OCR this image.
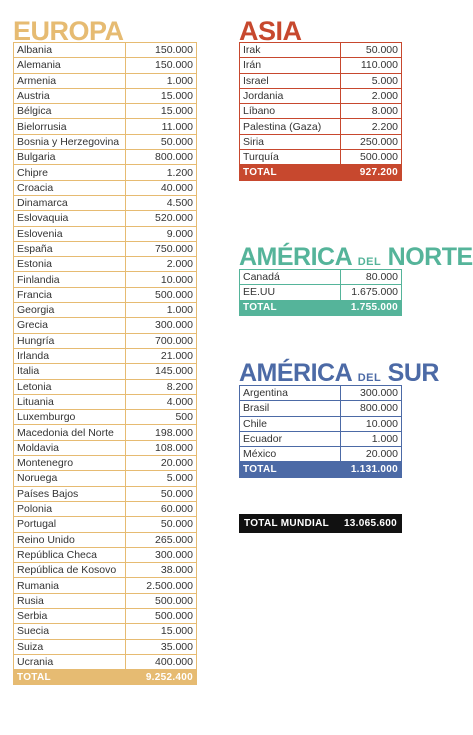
EUROPA
Albania	150.000
Alemania	150.000
Armenia	1.000
Austria	15.000
Bélgica	15.000
Bielorrusia	11.000
Bosnia y Herzegovina	50.000
Bulgaria	800.000
Chipre	1.200
Croacia	40.000
Dinamarca	4.500
Eslovaquia	520.000
Eslovenia	9.000
España	750.000
Estonia	2.000
Finlandia	10.000
Francia	500.000
Georgia	1.000
Grecia	300.000
Hungría	700.000
Irlanda	21.000
Italia	145.000
Letonia	8.200
Lituania	4.000
Luxemburgo	500
Macedonia del Norte	198.000
Moldavia	108.000
Montenegro	20.000
Noruega	5.000
Países Bajos	50.000
Polonia	60.000
Portugal	50.000
Reino Unido	265.000
República Checa	300.000
República de Kosovo	38.000
Rumania	2.500.000
Rusia	500.000
Serbia	500.000
Suecia	15.000
Suiza	35.000
Ucrania	400.000
TOTAL	9.252.400
ASIA
Irak	50.000
Irán	110.000
Israel	5.000
Jordania	2.000
Líbano	8.000
Palestina (Gaza)	2.200
Siria	250.000
Turquía	500.000
TOTAL	927.200
AMÉRICA DEL NORTE
Canadá	80.000
EE.UU	1.675.000
TOTAL	1.755.000
AMÉRICA DEL SUR
Argentina	300.000
Brasil	800.000
Chile	10.000
Ecuador	1.000
México	20.000
TOTAL	1.131.000
TOTAL MUNDIAL 13.065.600
